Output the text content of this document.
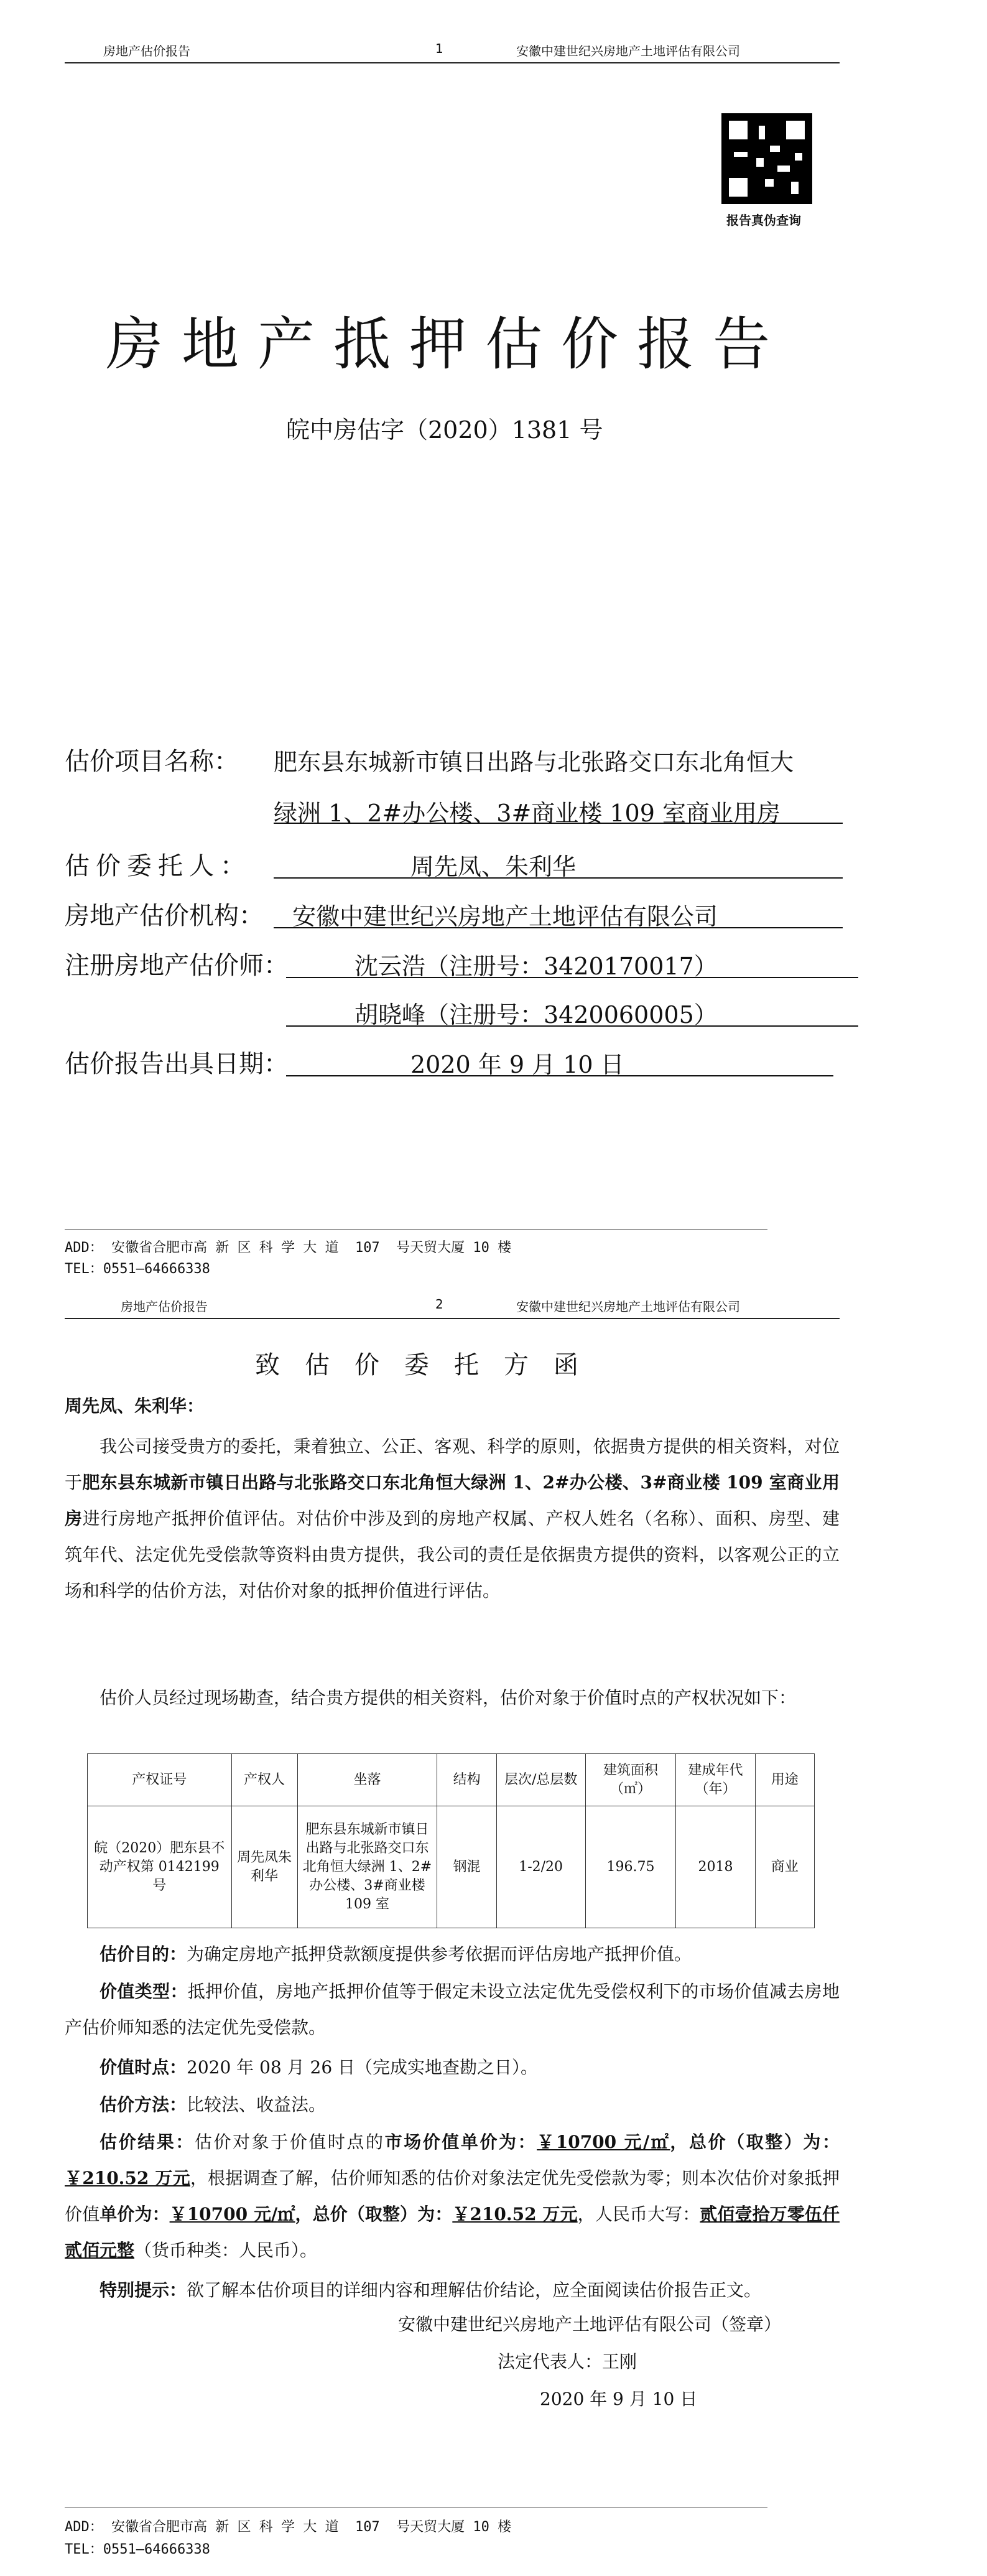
房地产估价报告	1	安徽中建世纪兴房地产土地评估有限公司
报告真伪查询
房地产抵押估价报告
皖中房估字（2020）1381 号
估价项目名称： 肥东县东城新市镇日出路与北张路交口东北角恒大
绿洲 1、2#办公楼、3#商业楼 109 室商业用房
估价委托人：	周先凤、朱利华
房地产估价机构： 安徽中建世纪兴房地产土地评估有限公司
注册房地产估价师：	沈云浩（注册号：3420170017）
胡晓峰（注册号：3420060005）
估价报告出具日期：	2020 年 9 月 10 日
ADD： 安徽省合肥市高 新 区 科 学 大 道  107  号天贸大厦 10 楼
TEL：0551—64666338
房地产估价报告	2	安徽中建世纪兴房地产土地评估有限公司
致估价委托方函
周先凤、朱利华：
我公司接受贵方的委托，秉着独立、公正、客观、科学的原则，依据贵方提供的相关资料，对位于肥东县东城新市镇日出路与北张路交口东北角恒大绿洲 1、2#办公楼、3#商业楼 109 室商业用房进行房地产抵押价值评估。对估价中涉及到的房地产权属、产权人姓名（名称）、面积、房型、建筑年代、法定优先受偿款等资料由贵方提供，我公司的责任是依据贵方提供的资料，以客观公正的立场和科学的估价方法，对估价对象的抵押价值进行评估。
估价人员经过现场勘查，结合贵方提供的相关资料，估价对象于价值时点的产权状况如下：
产权证号	产权人	坐落	结构	层次/总层数	建筑面积（㎡）	建成年代（年）	用途
皖（2020）肥东县不动产权第 0142199 号	周先凤朱利华	肥东县东城新市镇日出路与北张路交口东北角恒大绿洲 1、2#办公楼、3#商业楼 109 室	钢混	1-2/20	196.75	2018	商业
估价目的：为确定房地产抵押贷款额度提供参考依据而评估房地产抵押价值。
价值类型：抵押价值，房地产抵押价值等于假定未设立法定优先受偿权利下的市场价值减去房地产估价师知悉的法定优先受偿款。
价值时点：2020 年 08 月 26 日（完成实地查勘之日）。
估价方法：比较法、收益法。
估价结果：估价对象于价值时点的市场价值单价为：￥10700 元/㎡，总价（取整）为：￥210.52 万元，根据调查了解，估价师知悉的估价对象法定优先受偿款为零；则本次估价对象抵押价值单价为：￥10700 元/㎡，总价（取整）为：￥210.52 万元，人民币大写：贰佰壹拾万零伍仟贰佰元整（货币种类：人民币）。
特别提示：欲了解本估价项目的详细内容和理解估价结论，应全面阅读估价报告正文。
安徽中建世纪兴房地产土地评估有限公司（签章）
法定代表人：王刚
2020 年 9 月 10 日
ADD： 安徽省合肥市高 新 区 科 学 大 道  107  号天贸大厦 10 楼
TEL：0551—64666338
